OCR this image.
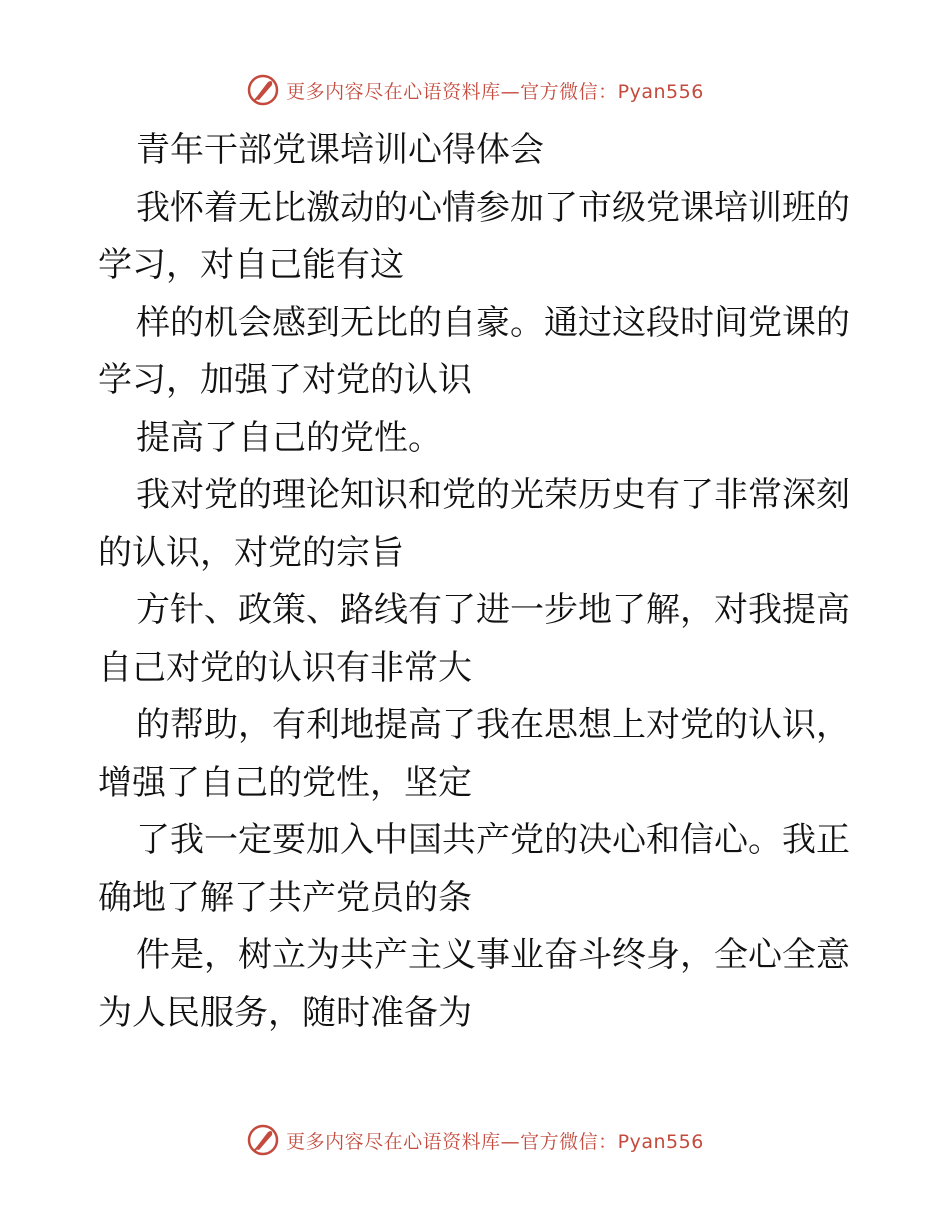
更多内容尽在心语资料库—官方微信：Pyan556
青年干部党课培训心得体会
我怀着无比激动的心情参加了市级党课培训班的
学习，对自己能有这
样的机会感到无比的自豪。通过这段时间党课的
学习，加强了对党的认识
提高了自己的党性。
我对党的理论知识和党的光荣历史有了非常深刻
的认识，对党的宗旨
方针、政策、路线有了进一步地了解，对我提高
自己对党的认识有非常大
的帮助，有利地提高了我在思想上对党的认识，
增强了自己的党性，坚定
了我一定要加入中国共产党的决心和信心。我正
确地了解了共产党员的条
件是，树立为共产主义事业奋斗终身，全心全意
为人民服务，随时准备为
更多内容尽在心语资料库—官方微信：Pyan556
